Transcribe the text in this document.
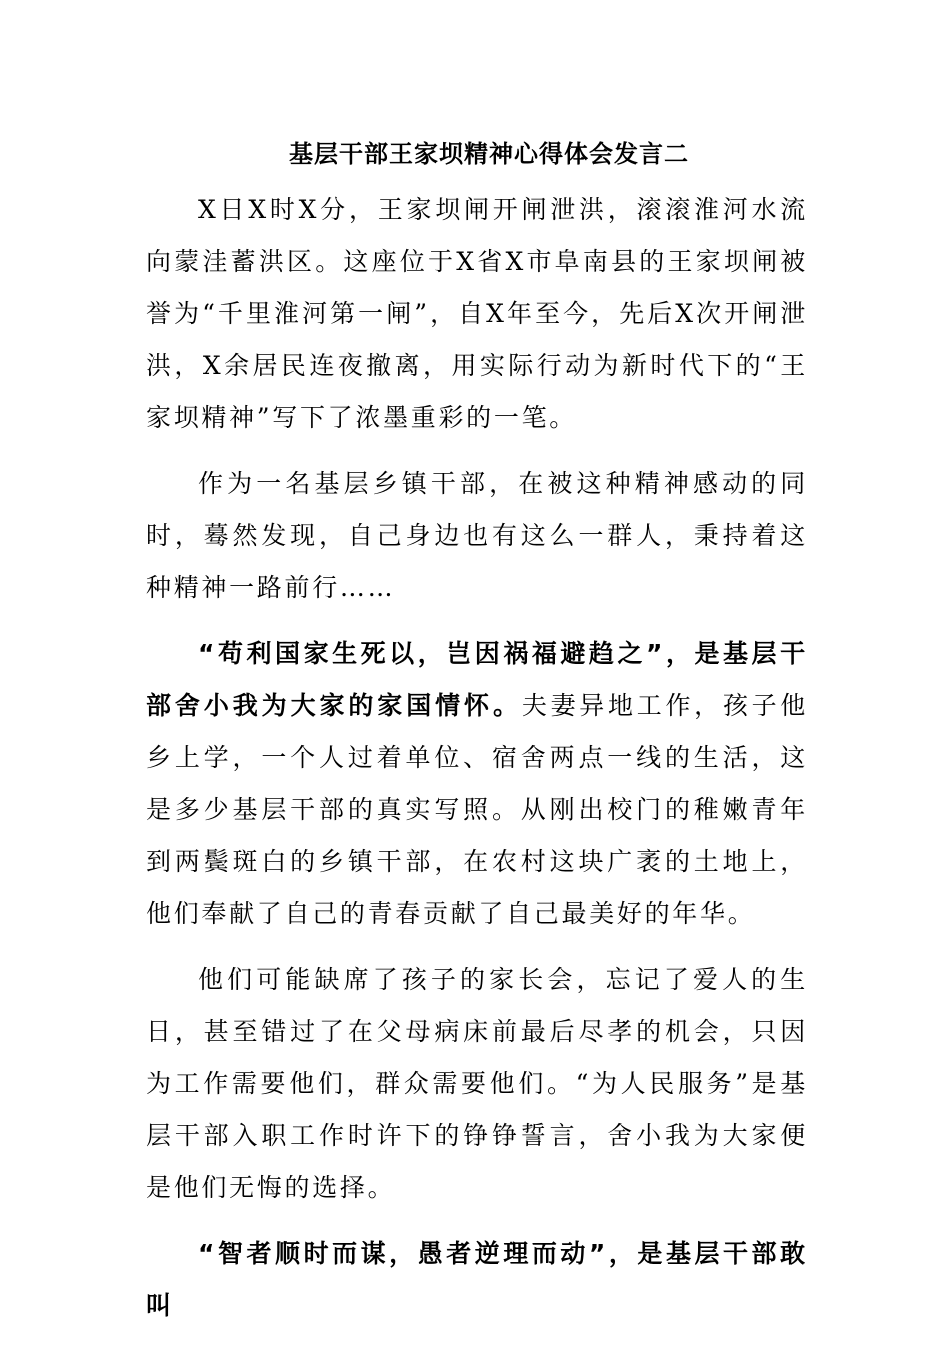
基层干部王家坝精神心得体会发言二

X日X时X分，王家坝闸开闸泄洪，滚滚淮河水流向蒙洼蓄洪区。这座位于X省X市阜南县的王家坝闸被誉为“千里淮河第一闸”，自X年至今，先后X次开闸泄洪，X余居民连夜撤离，用实际行动为新时代下的“王家坝精神”写下了浓墨重彩的一笔。

作为一名基层乡镇干部，在被这种精神感动的同时，蓦然发现，自己身边也有这么一群人，秉持着这种精神一路前行……

“苟利国家生死以，岂因祸福避趋之”，是基层干部舍小我为大家的家国情怀。夫妻异地工作，孩子他乡上学，一个人过着单位、宿舍两点一线的生活，这是多少基层干部的真实写照。从刚出校门的稚嫩青年到两鬓斑白的乡镇干部，在农村这块广袤的土地上，他们奉献了自己的青春贡献了自己最美好的年华。

他们可能缺席了孩子的家长会，忘记了爱人的生日，甚至错过了在父母病床前最后尽孝的机会，只因为工作需要他们，群众需要他们。“为人民服务”是基层干部入职工作时许下的铮铮誓言，舍小我为大家便是他们无悔的选择。

“智者顺时而谋，愚者逆理而动”，是基层干部敢叫
